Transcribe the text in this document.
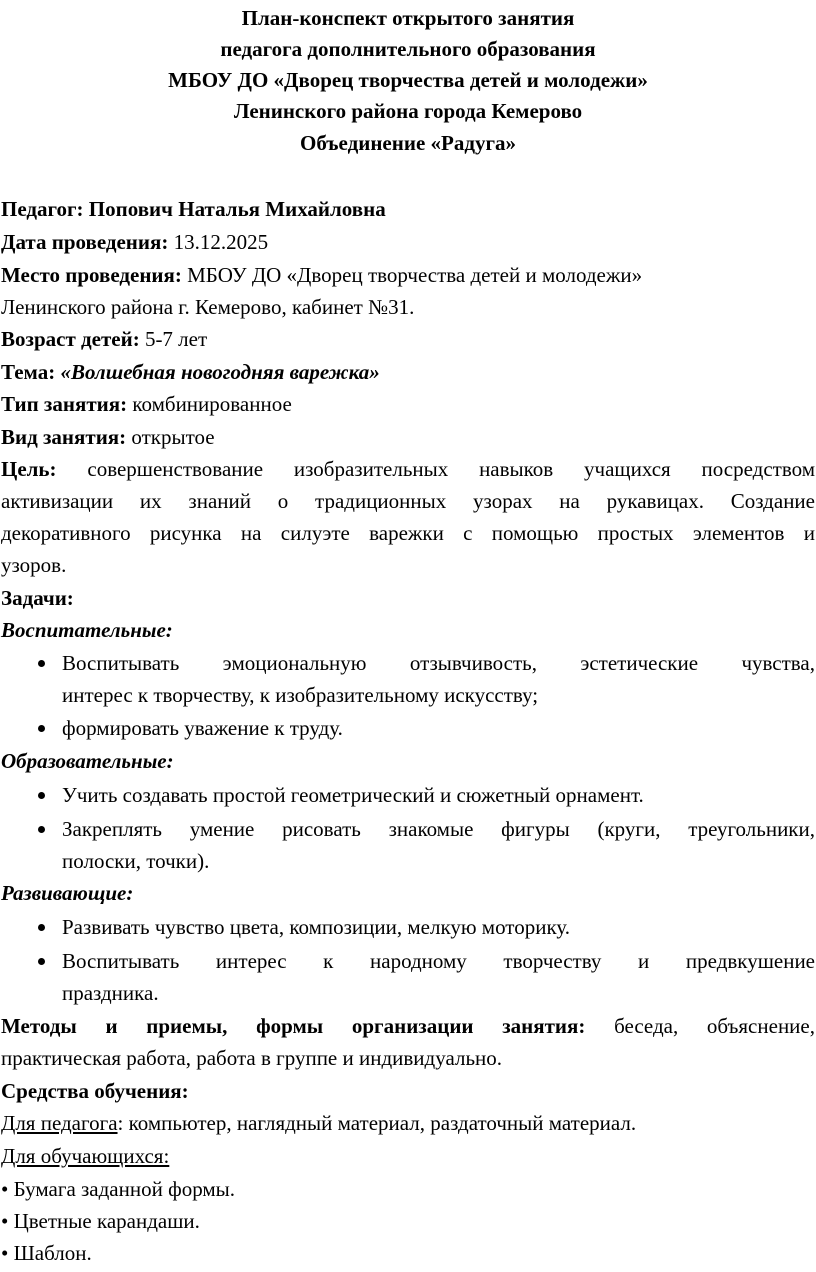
План-конспект открытого занятия
педагога дополнительного образования
МБОУ ДО «Дворец творчества детей и молодежи»
Ленинского района города Кемерово
Объединение «Радуга»
Педагог: Попович Наталья Михайловна
Дата проведения: 13.12.2025
Место проведения: МБОУ ДО «Дворец творчества детей и молодежи»
Ленинского района г. Кемерово, кабинет №31.
Возраст детей: 5-7 лет
Тема: «Волшебная новогодняя варежка»
Тип занятия: комбинированное
Вид занятия: открытое
Цель: совершенствование изобразительных навыков учащихся посредством
активизации их знаний о традиционных узорах на рукавицах. Создание
декоративного рисунка на силуэте варежки с помощью простых элементов и
узоров.
Задачи:
Воспитательные:
Воспитывать эмоциональную отзывчивость, эстетические чувства,
интерес к творчеству, к изобразительному искусству;
формировать уважение к труду.
Образовательные:
Учить создавать простой геометрический и сюжетный орнамент.
Закреплять умение рисовать знакомые фигуры (круги, треугольники,
полоски, точки).
Развивающие:
Развивать чувство цвета, композиции, мелкую моторику.
Воспитывать интерес к народному творчеству и предвкушение
праздника.
Методы и приемы, формы организации занятия: беседа, объяснение,
практическая работа, работа в группе и индивидуально.
Средства обучения:
Для педагога: компьютер, наглядный материал, раздаточный материал.
Для обучающихся:
• Бумага заданной формы.
• Цветные карандаши.
• Шаблон.
